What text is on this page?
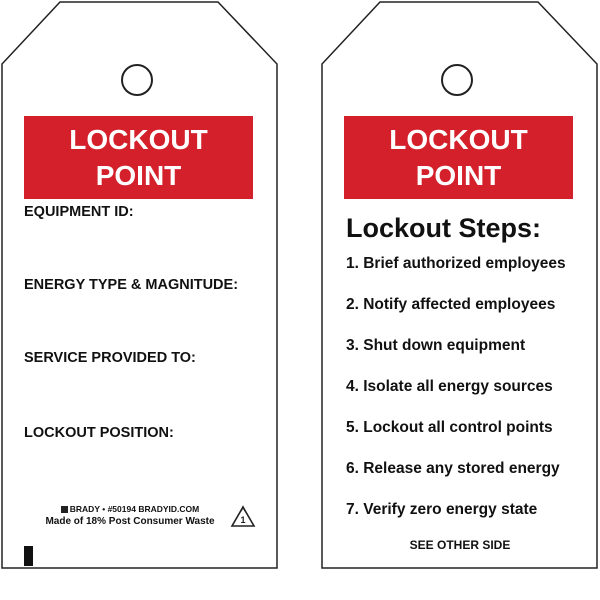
LOCKOUT
POINT
EQUIPMENT ID:
ENERGY TYPE & MAGNITUDE:
SERVICE PROVIDED TO:
LOCKOUT POSITION:
BRADY • #50194 BRADYID.COM
Made of 18% Post Consumer Waste	1
LOCKOUT
POINT
Lockout Steps:
1. Brief authorized employees
2. Notify affected employees
3. Shut down equipment
4. Isolate all energy sources
5. Lockout all control points
6. Release any stored energy
7. Verify zero energy state
SEE OTHER SIDE
